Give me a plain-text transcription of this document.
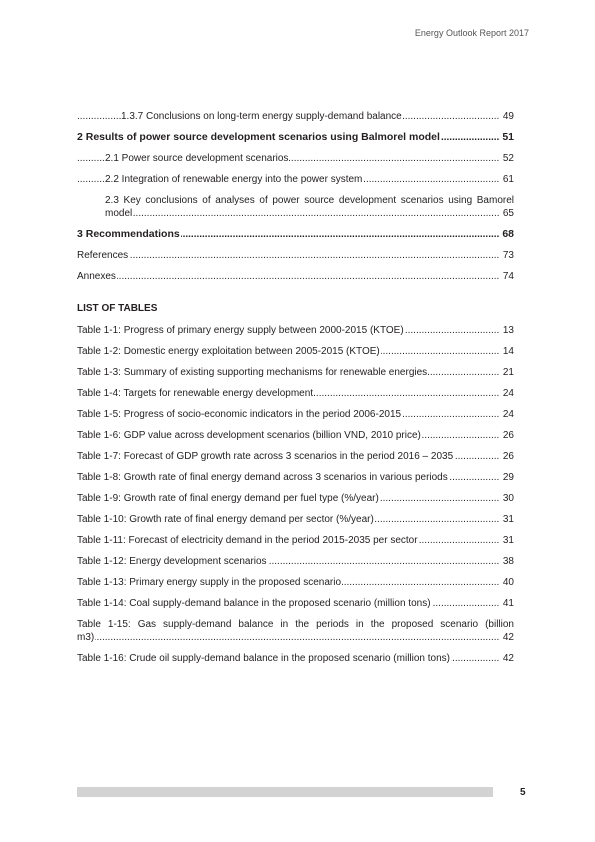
Energy Outlook Report 2017
.....
1.3.7 Conclusions on long-term energy supply-demand balance	49
.....
2 Results of power source development scenarios using Balmorel model	51
.....
2.1 Power source development scenarios	52
.....
2.2 Integration of renewable energy into the power system	61
2.3 Key conclusions of analyses of power source development scenarios using Bamorel
.....
model	65
.....
3 Recommendations	68
.....
References	73
.....
Annexes	74
LIST OF TABLES
.....
Table 1-1: Progress of primary energy supply between 2000-2015 (KTOE)	13
.....
Table 1-2: Domestic energy exploitation between 2005-2015 (KTOE)	14
.....
Table 1-3: Summary of existing supporting mechanisms for renewable energies	21
.....
Table 1-4: Targets for renewable energy development	24
.....
Table 1-5: Progress of socio-economic indicators in the period 2006-2015	24
.....
Table 1-6: GDP value across development scenarios (billion VND, 2010 price)	26
.....
Table 1-7: Forecast of GDP growth rate across 3 scenarios in the period 2016 – 2035	26
.....
Table 1-8: Growth rate of final energy demand across 3 scenarios in various periods	29
.....
Table 1-9: Growth rate of final energy demand per fuel type (%/year)	30
.....
Table 1-10: Growth rate of final energy demand per sector (%/year)	31
.....
Table 1-11: Forecast of electricity demand in the period 2015-2035 per sector	31
.....
Table 1-12: Energy development scenarios	38
.....
Table 1-13: Primary energy supply in the proposed scenario	40
.....
Table 1-14: Coal supply-demand balance in the proposed scenario (million tons)	41
Table 1-15: Gas supply-demand balance in the periods in the proposed scenario (billion
.....
m3)	42
.....
Table 1-16: Crude oil supply-demand balance in the proposed scenario (million tons)	42
5
